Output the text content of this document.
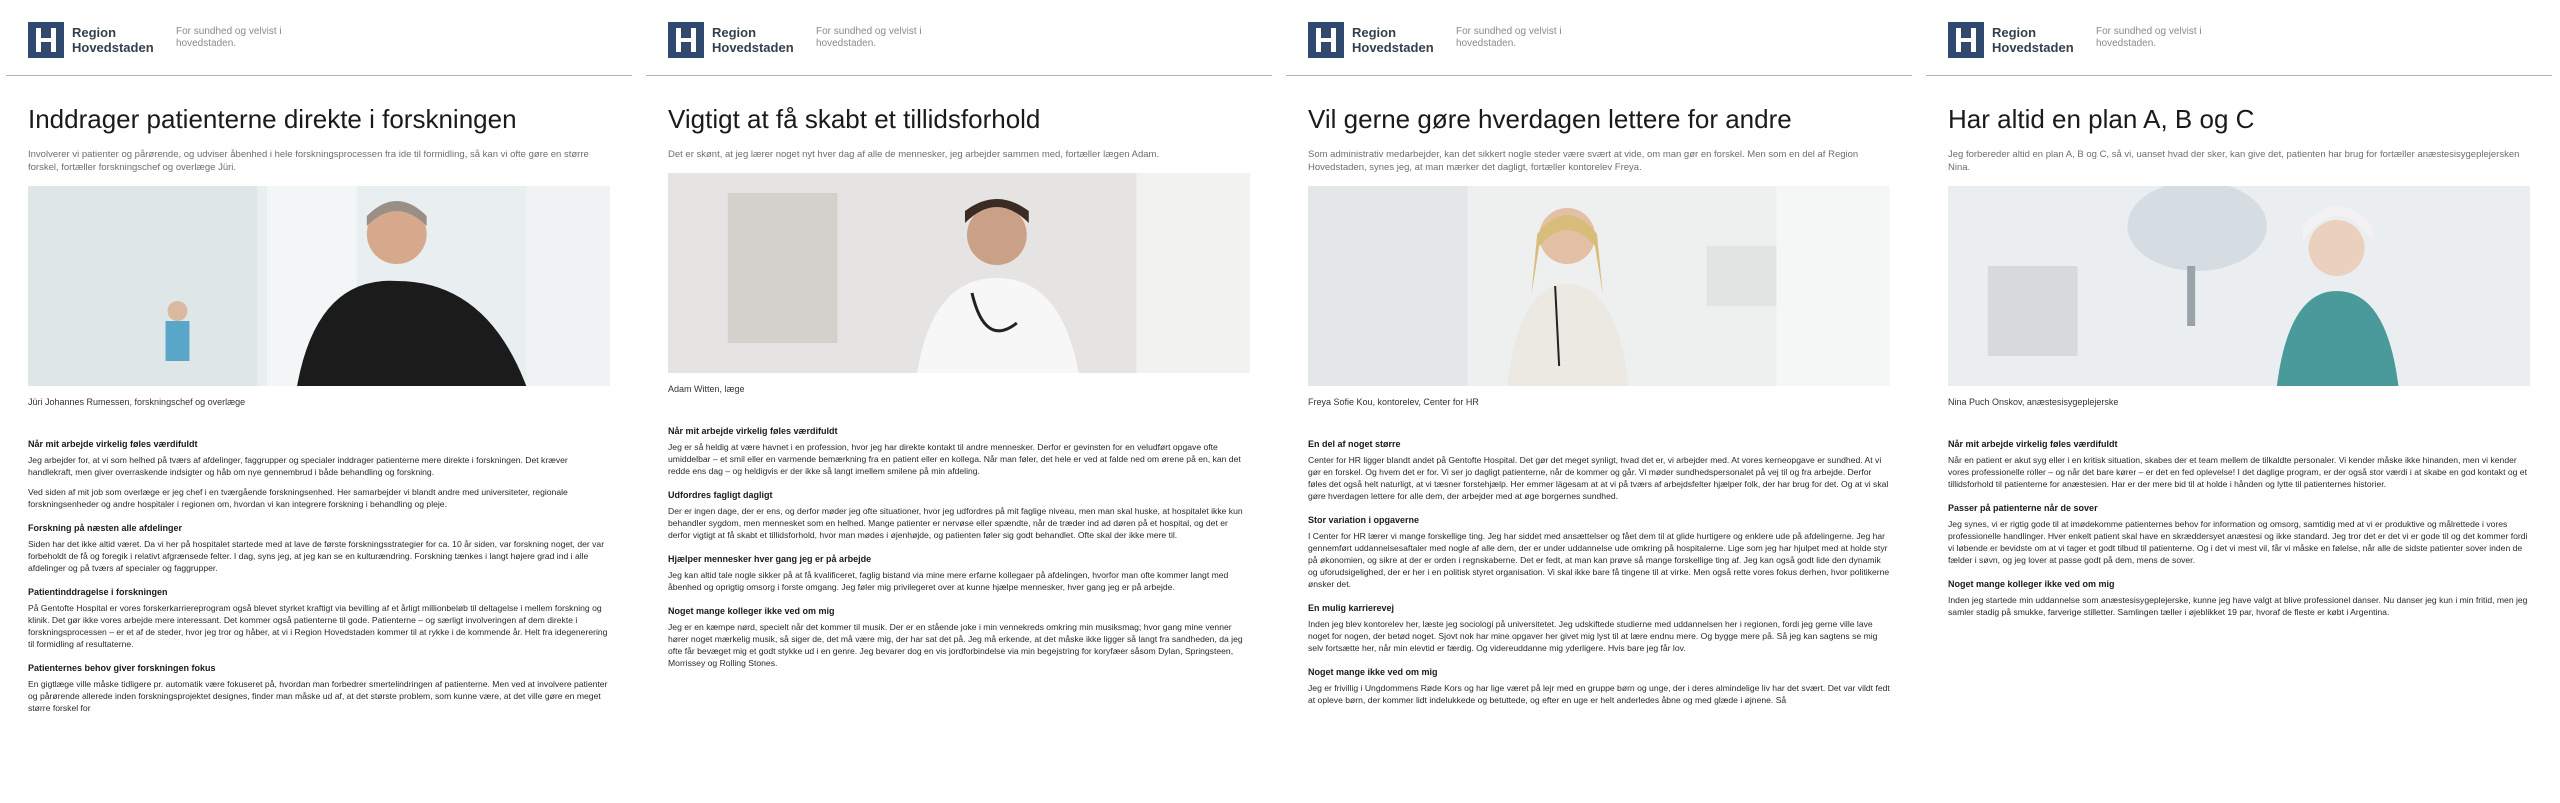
Region
Hovedstaden
For sundhed og velvist i
hovedstaden.
Inddrager patienterne direkte i forskningen

Involverer vi patienter og pårørende, og udviser åbenhed i hele forskningsprocessen fra ide til formidling, så kan vi ofte gøre en større forskel, fortæller forskningschef og overlæge Jüri.

Jüri Johannes Rumessen, forskningschef og overlæge

Når mit arbejde virkelig føles værdifuldt

Jeg arbejder for, at vi som helhed på tværs af afdelinger, faggrupper og specialer inddrager patienterne mere direkte i forskningen. Det kræver handlekraft, men giver overraskende indsigter og håb om nye gennembrud i både behandling og forskning.

Ved siden af mit job som overlæge er jeg chef i en tværgående forskningsenhed. Her samarbejder vi blandt andre med universiteter, regionale forskningsenheder og andre hospitaler i regionen om, hvordan vi kan integrere forskning i behandling og pleje.

Forskning på næsten alle afdelinger

Siden har det ikke altid været. Da vi her på hospitalet startede med at lave de første forskningsstrategier for ca. 10 år siden, var forskning noget, der var forbeholdt de få og foregik i relativt afgrænsede felter. I dag, syns jeg, at jeg kan se en kulturændring. Forskning tænkes i langt højere grad ind i alle afdelinger og på tværs af specialer og faggrupper.

Patientinddragelse i forskningen

På Gentofte Hospital er vores forskerkarriereprogram også blevet styrket kraftigt via bevilling af et årligt millionbeløb til deltagelse i mellem forskning og klinik. Det gør ikke vores arbejde mere interessant. Det kommer også patienterne til gode. Patienterne – og særligt involveringen af dem direkte i forskningsprocessen – er et af de steder, hvor jeg tror og håber, at vi i Region Hovedstaden kommer til at rykke i de kommende år. Helt fra idegenerering til formidling af resultaterne.

Patienternes behov giver forskningen fokus

En gigtlæge ville måske tidligere pr. automatik være fokuseret på, hvordan man forbedrer smertelindringen af patienterne. Men ved at involvere patienter og pårørende allerede inden forskningsprojektet designes, finder man måske ud af, at det største problem, som kunne være, at det ville gøre en meget større forskel for

Region
Hovedstaden
For sundhed og velvist i
hovedstaden.
Vigtigt at få skabt et tillidsforhold

Det er skønt, at jeg lærer noget nyt hver dag af alle de mennesker, jeg arbejder sammen med, fortæller lægen Adam.

Adam Witten, læge

Når mit arbejde virkelig føles værdifuldt

Jeg er så heldig at være havnet i en profession, hvor jeg har direkte kontakt til andre mennesker. Derfor er gevinsten for en veludført opgave ofte umiddelbar – et smil eller en varmende bemærkning fra en patient eller en kollega. Når man føler, det hele er ved at falde ned om ørene på en, kan det redde ens dag – og heldigvis er der ikke så langt imellem smilene på min afdeling.

Udfordres fagligt dagligt

Der er ingen dage, der er ens, og derfor møder jeg ofte situationer, hvor jeg udfordres på mit faglige niveau, men man skal huske, at hospitalet ikke kun behandler sygdom, men mennesket som en helhed. Mange patienter er nervøse eller spændte, når de træder ind ad døren på et hospital, og det er derfor vigtigt at få skabt et tillidsforhold, hvor man mødes i øjenhøjde, og patienten føler sig godt behandlet. Ofte skal der ikke mere til.

Hjælper mennesker hver gang jeg er på arbejde

Jeg kan altid tale nogle sikker på at få kvalificeret, faglig bistand via mine mere erfarne kollegaer på afdelingen, hvorfor man ofte kommer langt med åbenhed og oprigtig omsorg i forste omgang. Jeg føler mig privilegeret over at kunne hjælpe mennesker, hver gang jeg er på arbejde.

Noget mange kolleger ikke ved om mig

Jeg er en kæmpe nørd, specielt når det kommer til musik. Der er en stående joke i min vennekreds omkring min musiksmag; hvor gang mine venner hører noget mærkelig musik, så siger de, det må være mig, der har sat det på. Jeg må erkende, at det måske ikke ligger så langt fra sandheden, da jeg ofte får bevæget mig et godt stykke ud i en genre. Jeg bevarer dog en vis jordforbindelse via min begejstring for koryfæer såsom Dylan, Springsteen, Morrissey og Rolling Stones.

Region
Hovedstaden
For sundhed og velvist i
hovedstaden.
Vil gerne gøre hverdagen lettere for andre

Som administrativ medarbejder, kan det sikkert nogle steder være svært at vide, om man gør en forskel. Men som en del af Region Hovedstaden, synes jeg, at man mærker det dagligt, fortæller kontorelev Freya.

Freya Sofie Kou, kontorelev, Center for HR

En del af noget større

Center for HR ligger blandt andet på Gentofte Hospital. Det gør det meget synligt, hvad det er, vi arbejder med. At vores kerneopgave er sundhed. At vi gør en forskel. Og hvem det er for. Vi ser jo dagligt patienterne, når de kommer og går. Vi møder sundhedspersonalet på vej til og fra arbejde. Derfor føles det også helt naturligt, at vi tæsner forstehjælp. Her emmer lägesam at at vi på tværs af arbejdsfelter hjælper folk, der har brug for det. Og at vi skal gøre hverdagen lettere for alle dem, der arbejder med at øge borgernes sundhed.

Stor variation i opgaverne

I Center for HR lærer vi mange forskellige ting. Jeg har siddet med ansættelser og fået dem til at glide hurtigere og enklere ude på afdelingerne. Jeg har gennemført uddannelsesaftaler med nogle af alle dem, der er under uddannelse ude omkring på hospitalerne. Lige som jeg har hjulpet med at holde styr på økonomien, og sikre at der er orden i regnskaberne. Det er fedt, at man kan prøve så mange forskellige ting af. Jeg kan også godt lide den dynamik og uforudsigelighed, der er her i en politisk styret organisation. Vi skal ikke bare få tingene til at virke. Men også rette vores fokus derhen, hvor politikerne ønsker det.

En mulig karrierevej

Inden jeg blev kontorelev her, læste jeg sociologi på universitetet. Jeg udskiftede studierne med uddannelsen her i regionen, fordi jeg gerne ville lave noget for nogen, der betød noget. Sjovt nok har mine opgaver her givet mig lyst til at lære endnu mere. Og bygge mere på. Så jeg kan sagtens se mig selv fortsætte her, når min elevtid er færdig. Og videreuddanne mig yderligere. Hvis bare jeg får lov.

Noget mange ikke ved om mig

Jeg er frivillig i Ungdommens Røde Kors og har lige været på lejr med en gruppe børn og unge, der i deres almindelige liv har det svært. Det var vildt fedt at opleve børn, der kommer lidt indelukkede og betuttede, og efter en uge er helt anderledes åbne og med glæde i øjnene. Så

Region
Hovedstaden
For sundhed og velvist i
hovedstaden.
Har altid en plan A, B og C

Jeg forbereder altid en plan A, B og C, så vi, uanset hvad der sker, kan give det, patienten har brug for fortæller anæstesisygeplejersken Nina.

Nina Puch Onskov, anæstesisygeplejerske

Når mit arbejde virkelig føles værdifuldt

Når en patient er akut syg eller i en kritisk situation, skabes der et team mellem de tilkaldte personaler. Vi kender måske ikke hinanden, men vi kender vores professionelle roller – og når det bare kører – er det en fed oplevelse! I det daglige program, er der også stor værdi i at skabe en god kontakt og et tillidsforhold til patienterne for anæstesien. Har er der mere bid til at holde i hånden og lytte til patienternes historier.

Passer på patienterne når de sover

Jeg synes, vi er rigtig gode til at imødekomme patienternes behov for information og omsorg, samtidig med at vi er produktive og målrettede i vores professionelle handlinger. Hver enkelt patient skal have en skræddersyet anæstesi og ikke standard. Jeg tror det er det vi er gode til og det kommer fordi vi løbende er bevidste om at vi tager et godt tilbud til patienterne. Og i det vi mest vil, får vi måske en følelse, når alle de sidste patienter sover inden de fælder i søvn, og jeg lover at passe godt på dem, mens de sover.

Noget mange kolleger ikke ved om mig

Inden jeg startede min uddannelse som anæstesisygeplejerske, kunne jeg have valgt at blive professionel danser. Nu danser jeg kun i min fritid, men jeg samler stadig på smukke, farverige stilletter. Samlingen tæller i øjeblikket 19 par, hvoraf de fleste er købt i Argentina.
